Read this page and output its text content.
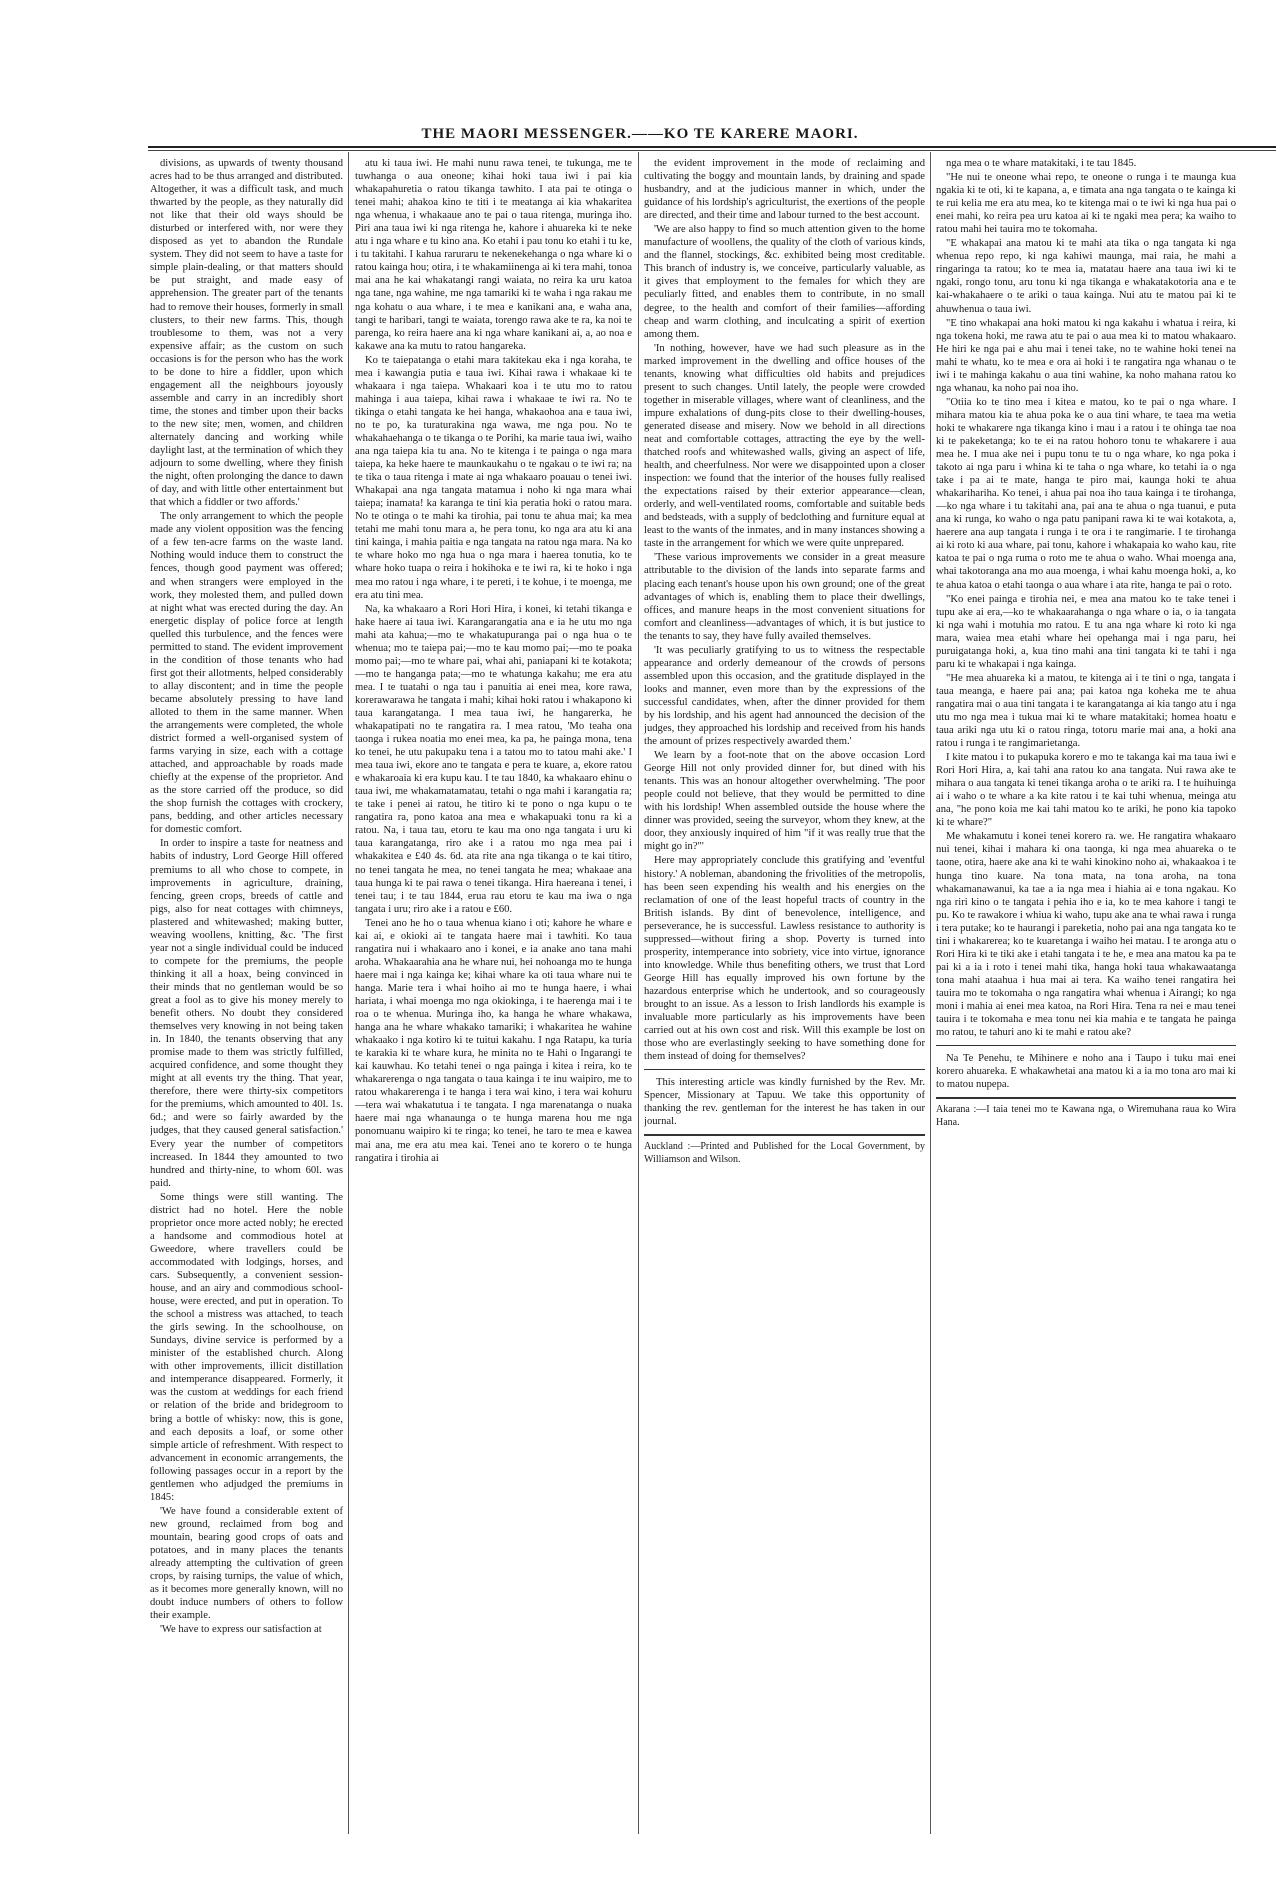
THE MAORI MESSENGER.——KO TE KARERE MAORI.

divisions, as upwards of twenty thousand acres had to be thus arranged and distributed. Altogether, it was a difficult task, and much thwarted by the people, as they naturally did not like that their old ways should be disturbed or interfered with, nor were they disposed as yet to abandon the Rundale system. They did not seem to have a taste for simple plain-dealing, or that matters should be put straight, and made easy of apprehension. The greater part of the tenants had to remove their houses, formerly in small clusters, to their new farms. This, though troublesome to them, was not a very expensive affair; as the custom on such occasions is for the person who has the work to be done to hire a fiddler, upon which engagement all the neighbours joyously assemble and carry in an incredibly short time, the stones and timber upon their backs to the new site; men, women, and children alternately dancing and working while daylight last, at the termination of which they adjourn to some dwelling, where they finish the night, often prolonging the dance to dawn of day, and with little other entertainment but that which a fiddler or two affords.'

The only arrangement to which the people made any violent opposition was the fencing of a few ten-acre farms on the waste land. Nothing would induce them to construct the fences, though good payment was offered; and when strangers were employed in the work, they molested them, and pulled down at night what was erected during the day. An energetic display of police force at length quelled this turbulence, and the fences were permitted to stand. The evident improvement in the condition of those tenants who had first got their allotments, helped considerably to allay discontent; and in time the people became absolutely pressing to have land alloted to them in the same manner. When the arrangements were completed, the whole district formed a well-organised system of farms varying in size, each with a cottage attached, and approachable by roads made chiefly at the expense of the proprietor. And as the store carried off the produce, so did the shop furnish the cottages with crockery, pans, bedding, and other articles necessary for domestic comfort.

In order to inspire a taste for neatness and habits of industry, Lord George Hill offered premiums to all who chose to compete, in improvements in agriculture, draining, fencing, green crops, breeds of cattle and pigs, also for neat cottages with chimneys, plastered and whitewashed; making butter, weaving woollens, knitting, &c. 'The first year not a single individual could be induced to compete for the premiums, the people thinking it all a hoax, being convinced in their minds that no gentleman would be so great a fool as to give his money merely to benefit others. No doubt they considered themselves very knowing in not being taken in. In 1840, the tenants observing that any promise made to them was strictly fulfilled, acquired confidence, and some thought they might at all events try the thing. That year, therefore, there were thirty-six competitors for the premiums, which amounted to 40l. 1s. 6d.; and were so fairly awarded by the judges, that they caused general satisfaction.' Every year the number of competitors increased. In 1844 they amounted to two hundred and thirty-nine, to whom 60l. was paid.

Some things were still wanting. The district had no hotel. Here the noble proprietor once more acted nobly; he erected a handsome and commodious hotel at Gweedore, where travellers could be accommodated with lodgings, horses, and cars. Subsequently, a convenient session-house, and an airy and commodious school-house, were erected, and put in operation. To the school a mistress was attached, to teach the girls sewing. In the schoolhouse, on Sundays, divine service is performed by a minister of the established church. Along with other improvements, illicit distillation and intemperance disappeared. Formerly, it was the custom at weddings for each friend or relation of the bride and bridegroom to bring a bottle of whisky: now, this is gone, and each deposits a loaf, or some other simple article of refreshment. With respect to advancement in economic arrangements, the following passages occur in a report by the gentlemen who adjudged the premiums in 1845:

'We have found a considerable extent of new ground, reclaimed from bog and mountain, bearing good crops of oats and potatoes, and in many places the tenants already attempting the cultivation of green crops, by raising turnips, the value of which, as it becomes more generally known, will no doubt induce numbers of others to follow their example.

'We have to express our satisfaction at

atu ki taua iwi. He mahi nunu rawa tenei, te tukunga, me te tuwhanga o aua oneone; kihai hoki taua iwi i pai kia whakapahuretia o ratou tikanga tawhito. I ata pai te otinga o tenei mahi; ahakoa kino te titi i te meatanga ai kia whakaritea nga whenua, i whakaaue ano te pai o taua ritenga, muringa iho. Piri ana taua iwi ki nga ritenga he, kahore i ahuareka ki te neke atu i nga whare e tu kino ana. Ko etahi i pau tonu ko etahi i tu ke, i tu takitahi. I kahua raruraru te nekenekehanga o nga whare ki o ratou kainga hou; otira, i te whakamiinenga ai ki tera mahi, tonoa mai ana he kai whakatangi rangi waiata, no reira ka uru katoa nga tane, nga wahine, me nga tamariki ki te waha i nga rakau me nga kohatu o aua whare, i te mea e kanikani ana, e waha ana, tangi te haribari, tangi te waiata, torengo rawa ake te ra, ka noi te parenga, ko reira haere ana ki nga whare kanikani ai, a, ao noa e kakawe ana ka mutu to ratou hangareka.

Ko te taiepatanga o etahi mara takitekau eka i nga koraha, te mea i kawangia putia e taua iwi. Kihai rawa i whakaae ki te whakaara i nga taiepa. Whakaari koa i te utu mo to ratou mahinga i aua taiepa, kihai rawa i whakaae te iwi ra. No te tikinga o etahi tangata ke hei hanga, whakaohoa ana e taua iwi, no te po, ka turaturakina nga wawa, me nga pou. No te whakahaehanga o te tikanga o te Porihi, ka marie taua iwi, waiho ana nga taiepa kia tu ana. No te kitenga i te painga o nga mara taiepa, ka heke haere te maunkaukahu o te ngakau o te iwi ra; na te tika o taua ritenga i mate ai nga whakaaro poauau o tenei iwi. Whakapai ana nga tangata matamua i noho ki nga mara whai taiepa; inamata! ka karanga te tini kia peratia hoki o ratou mara. No te otinga o te mahi ka tirohia, pai tonu te ahua mai; ka mea tetahi me mahi tonu mara a, he pera tonu, ko nga ara atu ki ana tini kainga, i mahia paitia e nga tangata na ratou nga mara. Na ko te whare hoko mo nga hua o nga mara i haerea tonutia, ko te whare hoko tuapa o reira i hokihoka e te iwi ra, ki te hoko i nga mea mo ratou i nga whare, i te pereti, i te kohue, i te moenga, me era atu tini mea.

Na, ka whakaaro a Rori Hori Hira, i konei, ki tetahi tikanga e hake haere ai taua iwi. Karangarangatia ana e ia he utu mo nga mahi ata kahua;—mo te whakatupuranga pai o nga hua o te whenua; mo te taiepa pai;—mo te kau momo pai;—mo te poaka momo pai;—mo te whare pai, whai ahi, paniapani ki te kotakota;—mo te hanganga pata;—mo te whatunga kakahu; me era atu mea. I te tuatahi o nga tau i panuitia ai enei mea, kore rawa, korerawarawa he tangata i mahi; kihai hoki ratou i whakapono ki taua karangatanga. I mea taua iwi, he hangarerka, he whakapatipati no te rangatira ra. I mea ratou, 'Mo teaha ona taonga i rukea noatia mo enei mea, ka pa, he painga mona, tena ko tenei, he utu pakupaku tena i a tatou mo to tatou mahi ake.' I mea taua iwi, ekore ano te tangata e pera te kuare, a, ekore ratou e whakaroaia ki era kupu kau. I te tau 1840, ka whakaaro ehinu o taua iwi, me whakamatamatau, tetahi o nga mahi i karangatia ra; te take i penei ai ratou, he titiro ki te pono o nga kupu o te rangatira ra, pono katoa ana mea e whakapuaki tonu ra ki a ratou. Na, i taua tau, etoru te kau ma ono nga tangata i uru ki taua karangatanga, riro ake i a ratou mo nga mea pai i whakakitea e £40 4s. 6d. ata rite ana nga tikanga o te kai titiro, no tenei tangata he mea, no tenei tangata he mea; whakaae ana taua hunga ki te pai rawa o tenei tikanga. Hira haereana i tenei, i tenei tau; i te tau 1844, erua rau etoru te kau ma iwa o nga tangata i uru; riro ake i a ratou e £60.

Tenei ano he ho o taua whenua kiano i oti; kahore he whare e kai ai, e okioki ai te tangata haere mai i tawhiti. Ko taua rangatira nui i whakaaro ano i konei, e ia anake ano tana mahi aroha. Whakaarahia ana he whare nui, hei nohoanga mo te hunga haere mai i nga kainga ke; kihai whare ka oti taua whare nui te hanga. Marie tera i whai hoiho ai mo te hunga haere, i whai hariata, i whai moenga mo nga okiokinga, i te haerenga mai i te roa o te whenua. Muringa iho, ka hanga he whare whakawa, hanga ana he whare whakako tamariki; i whakaritea he wahine whakaako i nga kotiro ki te tuitui kakahu. I nga Ratapu, ka turia te karakia ki te whare kura, he minita no te Hahi o Ingarangi te kai kauwhau. Ko tetahi tenei o nga painga i kitea i reira, ko te whakarerenga o nga tangata o taua kainga i te inu waipiro, me to ratou whakarerenga i te hanga i tera wai kino, i tera wai kohuru—tera wai whakatutua i te tangata. I nga marenatanga o nuaka haere mai nga whanaunga o te hunga marena hou me nga ponomuanu waipiro ki te ringa; ko tenei, he taro te mea e kawea mai ana, me era atu mea kai. Tenei ano te korero o te hunga rangatira i tirohia ai

the evident improvement in the mode of reclaiming and cultivating the boggy and mountain lands, by draining and spade husbandry, and at the judicious manner in which, under the guidance of his lordship's agriculturist, the exertions of the people are directed, and their time and labour turned to the best account.

'We are also happy to find so much attention given to the home manufacture of woollens, the quality of the cloth of various kinds, and the flannel, stockings, &c. exhibited being most creditable. This branch of industry is, we conceive, particularly valuable, as it gives that employment to the females for which they are peculiarly fitted, and enables them to contribute, in no small degree, to the health and comfort of their families—affording cheap and warm clothing, and inculcating a spirit of exertion among them.

'In nothing, however, have we had such pleasure as in the marked improvement in the dwelling and office houses of the tenants, knowing what difficulties old habits and prejudices present to such changes. Until lately, the people were crowded together in miserable villages, where want of cleanliness, and the impure exhalations of dung-pits close to their dwelling-houses, generated disease and misery. Now we behold in all directions neat and comfortable cottages, attracting the eye by the well-thatched roofs and whitewashed walls, giving an aspect of life, health, and cheerfulness. Nor were we disappointed upon a closer inspection: we found that the interior of the houses fully realised the expectations raised by their exterior appearance—clean, orderly, and well-ventilated rooms, comfortable and suitable beds and bedsteads, with a supply of bedclothing and furniture equal at least to the wants of the inmates, and in many instances showing a taste in the arrangement for which we were quite unprepared.

'These various improvements we consider in a great measure attributable to the division of the lands into separate farms and placing each tenant's house upon his own ground; one of the great advantages of which is, enabling them to place their dwellings, offices, and manure heaps in the most convenient situations for comfort and cleanliness—advantages of which, it is but justice to the tenants to say, they have fully availed themselves.

'It was peculiarly gratifying to us to witness the respectable appearance and orderly demeanour of the crowds of persons assembled upon this occasion, and the gratitude displayed in the looks and manner, even more than by the expressions of the successful candidates, when, after the dinner provided for them by his lordship, and his agent had announced the decision of the judges, they approached his lordship and received from his hands the amount of prizes respectively awarded them.'

We learn by a foot-note that on the above occasion Lord George Hill not only provided dinner for, but dined with his tenants. This was an honour altogether overwhelming. 'The poor people could not believe, that they would be permitted to dine with his lordship! When assembled outside the house where the dinner was provided, seeing the surveyor, whom they knew, at the door, they anxiously inquired of him "if it was really true that the might go in?"'

Here may appropriately conclude this gratifying and 'eventful history.' A nobleman, abandoning the frivolities of the metropolis, has been seen expending his wealth and his energies on the reclamation of one of the least hopeful tracts of country in the British islands. By dint of benevolence, intelligence, and perseverance, he is successful. Lawless resistance to authority is suppressed—without firing a shop. Poverty is turned into prosperity, intemperance into sobriety, vice into virtue, ignorance into knowledge. While thus benefiting others, we trust that Lord George Hill has equally improved his own fortune by the hazardous enterprise which he undertook, and so courageously brought to an issue. As a lesson to Irish landlords his example is invaluable more particularly as his improvements have been carried out at his own cost and risk. Will this example be lost on those who are everlastingly seeking to have something done for them instead of doing for themselves?

This interesting article was kindly furnished by the Rev. Mr. Spencer, Missionary at Tapuu. We take this opportunity of thanking the rev. gentleman for the interest he has taken in our journal.

Auckland :—Printed and Published for the Local Government, by Williamson and Wilson.

nga mea o te whare matakitaki, i te tau 1845.

"He nui te oneone whai repo, te oneone o runga i te maunga kua ngakia ki te oti, ki te kapana, a, e timata ana nga tangata o te kainga ki te rui kelia me era atu mea, ko te kitenga mai o te iwi ki nga hua pai o enei mahi, ko reira pea uru katoa ai ki te ngaki mea pera; ka waiho to ratou mahi hei tauira mo te tokomaha.

"E whakapai ana matou ki te mahi ata tika o nga tangata ki nga whenua repo repo, ki nga kahiwi maunga, mai raia, he mahi a ringaringa ta ratou; ko te mea ia, matatau haere ana taua iwi ki te ngaki, rongo tonu, aru tonu ki nga tikanga e whakatakotoria ana e te kai-whakahaere o te ariki o taua kainga. Nui atu te matou pai ki te ahuwhenua o taua iwi.

"E tino whakapai ana hoki matou ki nga kakahu i whatua i reira, ki nga tokena hoki, me rawa atu te pai o aua mea ki to matou whakaaro. He hiri ke nga pai e ahu mai i tenei take, no te wahine hoki tenei na mahi te whatu, ko te mea e ora ai hoki i te rangatira nga whanau o te iwi i te mahinga kakahu o aua tini wahine, ka noho mahana ratou ko nga whanau, ka noho pai noa iho.

"Otiia ko te tino mea i kitea e matou, ko te pai o nga whare. I mihara matou kia te ahua poka ke o aua tini whare, te taea ma wetia hoki te whakarere nga tikanga kino i mau i a ratou i te ohinga tae noa ki te pakeketanga; ko te ei na ratou hohoro tonu te whakarere i aua mea he. I mua ake nei i pupu tonu te tu o nga whare, ko nga poka i takoto ai nga paru i whina ki te taha o nga whare, ko tetahi ia o nga take i pa ai te mate, hanga te piro mai, kaunga hoki te ahua whakarihariha. Ko tenei, i ahua pai noa iho taua kainga i te tirohanga,—ko nga whare i tu takitahi ana, pai ana te ahua o nga tuanui, e puta ana ki runga, ko waho o nga patu panipani rawa ki te wai kotakota, a, haerere ana aup tangata i runga i te ora i te rangimarie. I te tirohanga ai ki roto ki aua whare, pai tonu, kahore i whakapaia ko waho kau, rite katoa te pai o nga ruma o roto me te ahua o waho. Whai moenga ana, whai takotoranga ana mo aua moenga, i whai kahu moenga hoki, a, ko te ahua katoa o etahi taonga o aua whare i ata rite, hanga te pai o roto.

"Ko enei painga e tirohia nei, e mea ana matou ko te take tenei i tupu ake ai era,—ko te whakaarahanga o nga whare o ia, o ia tangata ki nga wahi i motuhia mo ratou. E tu ana nga whare ki roto ki nga mara, waiea mea etahi whare hei opehanga mai i nga paru, hei puruigatanga hoki, a, kua tino mahi ana tini tangata ki te tahi i nga paru ki te whakapai i nga kainga.

"He mea ahuareka ki a matou, te kitenga ai i te tini o nga, tangata i taua meanga, e haere pai ana; pai katoa nga koheka me te ahua rangatira mai o aua tini tangata i te karangatanga ai kia tango atu i nga utu mo nga mea i tukua mai ki te whare matakitaki; homea hoatu e taua ariki nga utu ki o ratou ringa, totoru marie mai ana, a hoki ana ratou i runga i te rangimarietanga.

I kite matou i to pukapuka korero e mo te takanga kai ma taua iwi e Rori Hori Hira, a, kai tahi ana ratou ko ana tangata. Nui rawa ake te mihara o aua tangata ki tenei tikanga aroha o te ariki ra. I te huihuinga ai i waho o te whare a ka kite ratou i te kai tuhi whenua, meinga atu ana, "he pono koia me kai tahi matou ko te ariki, he pono kia tapoko ki te whare?"

Me whakamutu i konei tenei korero ra. we. He rangatira whakaaro nui tenei, kihai i mahara ki ona taonga, ki nga mea ahuareka o te taone, otira, haere ake ana ki te wahi kinokino noho ai, whakaakoa i te hunga tino kuare. Na tona mata, na tona aroha, na tona whakamanawanui, ka tae a ia nga mea i hiahia ai e tona ngakau. Ko nga riri kino o te tangata i pehia iho e ia, ko te mea kahore i tangi te pu. Ko te rawakore i whiua ki waho, tupu ake ana te whai rawa i runga i tera putake; ko te haurangi i pareketia, noho pai ana nga tangata ko te tini i whakarerea; ko te kuaretanga i waiho hei matau. I te aronga atu o Rori Hira ki te tiki ake i etahi tangata i te he, e mea ana matou ka pa te pai ki a ia i roto i tenei mahi tika, hanga hoki taua whakawaatanga tona mahi ataahua i hua mai ai tera. Ka waiho tenei rangatira hei tauira mo te tokomaha o nga rangatira whai whenua i Airangi; ko nga moni i mahia ai enei mea katoa, na Rori Hira. Tena ra nei e mau tenei tauira i te tokomaha e mea tonu nei kia mahia e te tangata he painga mo ratou, te tahuri ano ki te mahi e ratou ake?

Na Te Penehu, te Mihinere e noho ana i Taupo i tuku mai enei korero ahuareka. E whakawhetai ana matou ki a ia mo tona aro mai ki to matou nupepa.

Akarana :—I taia tenei mo te Kawana nga, o Wiremuhana raua ko Wira Hana.
